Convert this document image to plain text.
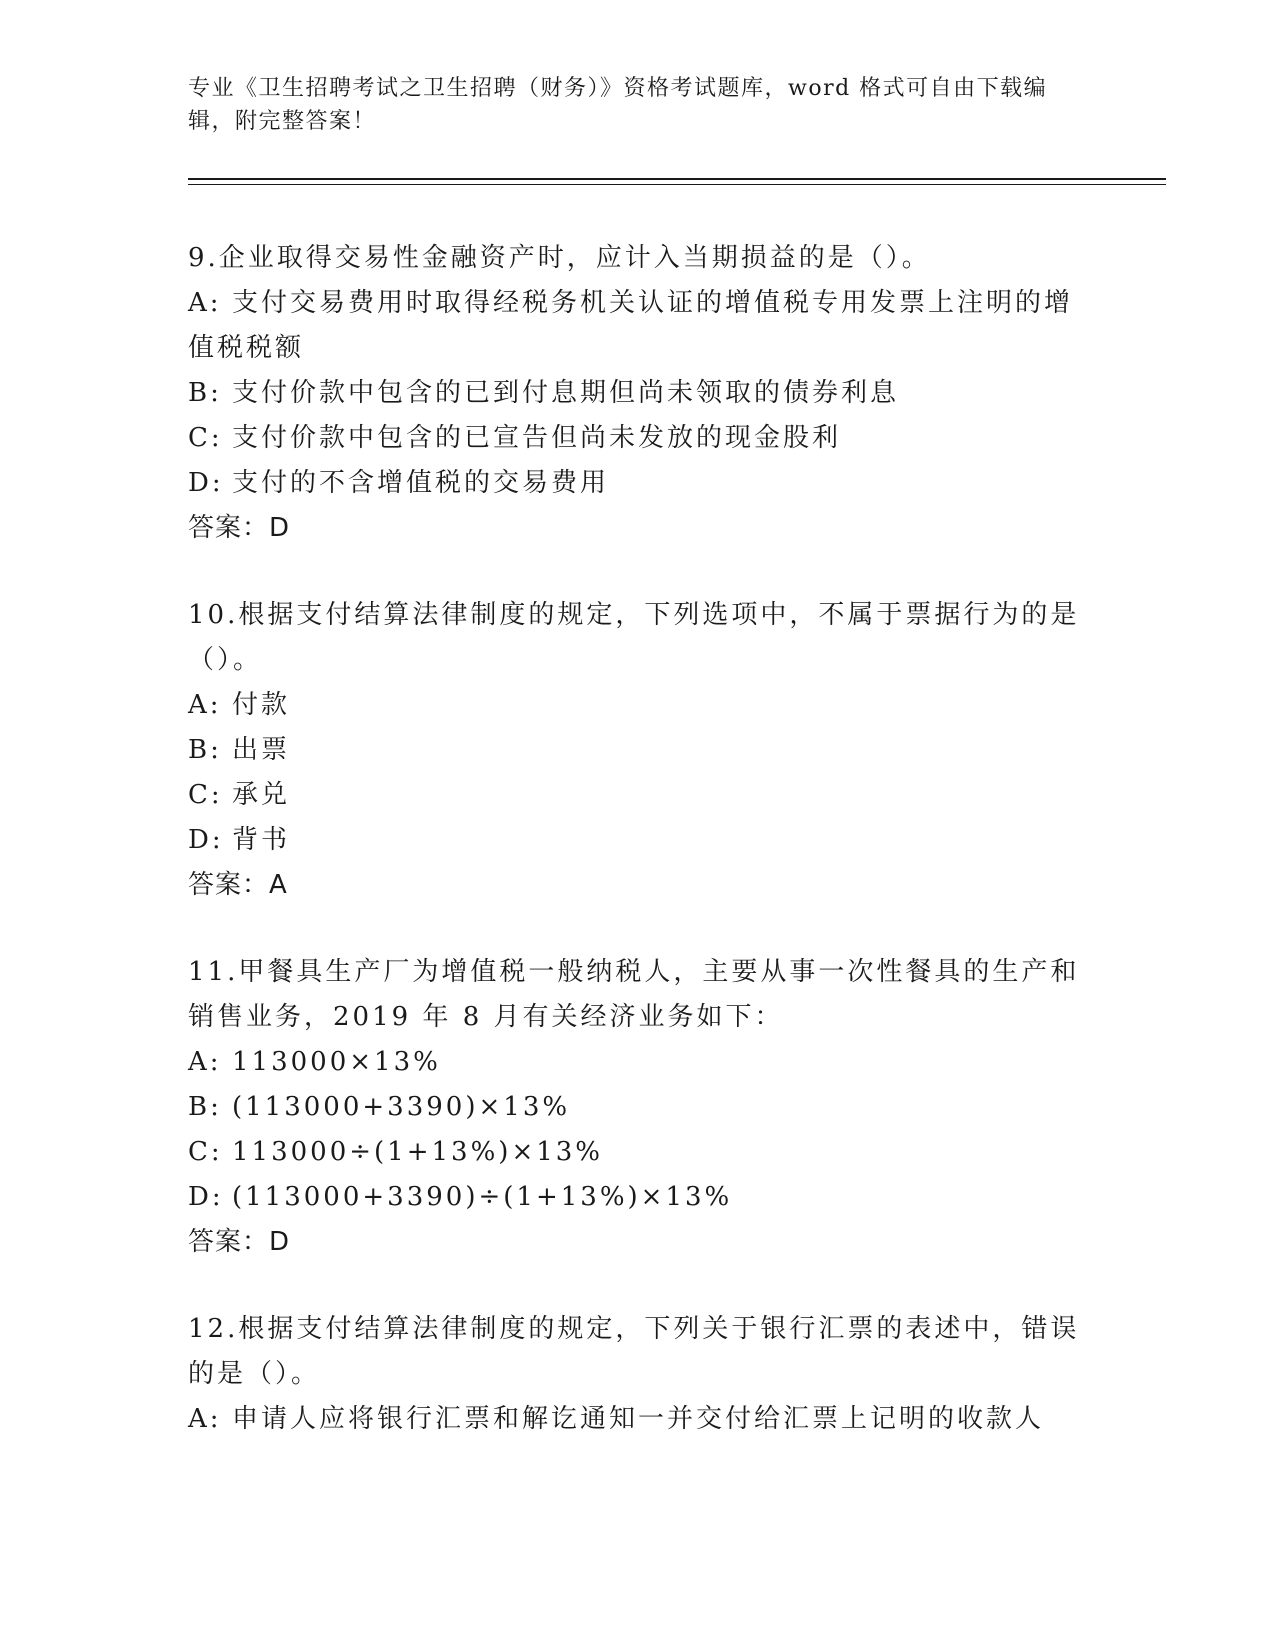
专业《卫生招聘考试之卫生招聘（财务）》资格考试题库，word 格式可自由下载编辑，附完整答案！

9.企业取得交易性金融资产时，应计入当期损益的是（）。

A: 支付交易费用时取得经税务机关认证的增值税专用发票上注明的增值税税额

B: 支付价款中包含的已到付息期但尚未领取的债券利息

C: 支付价款中包含的已宣告但尚未发放的现金股利

D: 支付的不含增值税的交易费用

答案：D

10.根据支付结算法律制度的规定，下列选项中，不属于票据行为的是（）。

A: 付款

B: 出票

C: 承兑

D: 背书

答案：A

11.甲餐具生产厂为增值税一般纳税人，主要从事一次性餐具的生产和销售业务，2019 年 8 月有关经济业务如下：

A: 113000×13%

B: (113000+3390)×13%

C: 113000÷(1+13%)×13%

D: (113000+3390)÷(1+13%)×13%

答案：D

12.根据支付结算法律制度的规定，下列关于银行汇票的表述中，错误的是（）。

A: 申请人应将银行汇票和解讫通知一并交付给汇票上记明的收款人
